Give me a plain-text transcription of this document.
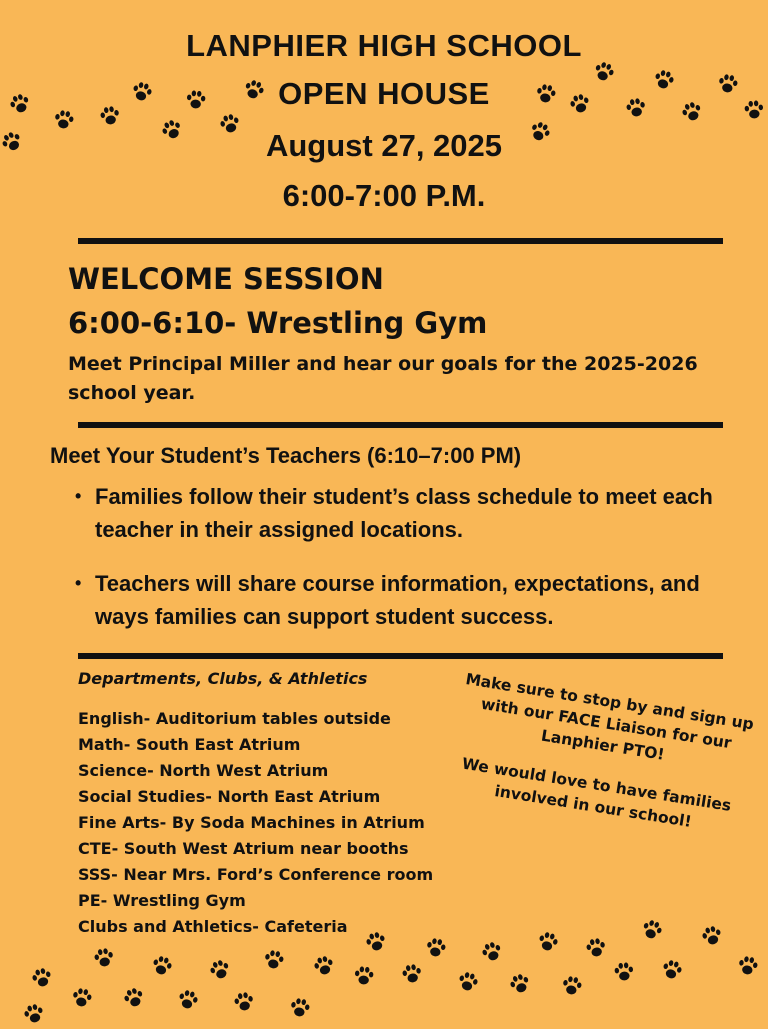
LANPHIER HIGH SCHOOL
OPEN HOUSE
August 27, 2025
6:00-7:00 P.M.
WELCOME SESSION
6:00-6:10- Wrestling Gym
Meet Principal Miller and hear our goals for the 2025-2026 school year.
Meet Your Student’s Teachers (6:10–7:00 PM)
• Families follow their student’s class schedule to meet each teacher in their assigned locations.
• Teachers will share course information, expectations, and ways families can support student success.
Departments, Clubs, & Athletics
English- Auditorium tables outside
Math- South East Atrium
Science- North West Atrium
Social Studies- North East Atrium
Fine Arts- By Soda Machines in Atrium
CTE- South West Atrium near booths
SSS- Near Mrs. Ford’s Conference room
PE- Wrestling Gym
Clubs and Athletics- Cafeteria

Make sure to stop by and sign up with our FACE Liaison for our Lanphier PTO!

We would love to have families involved in our school!
